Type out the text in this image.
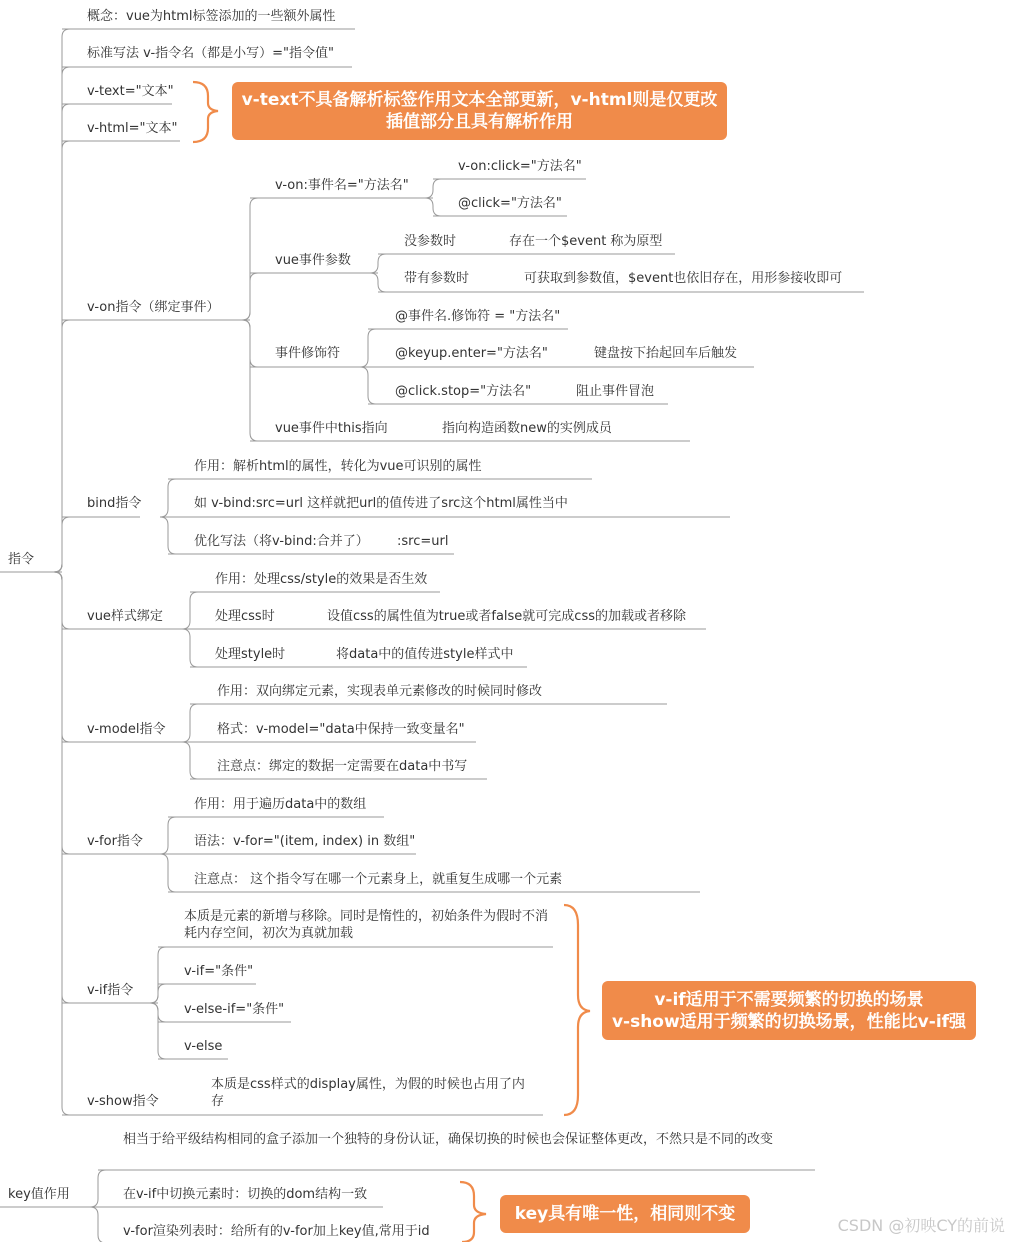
指令
key值作用
概念：vue为html标签添加的一些额外属性
标准写法 v-指令名（都是小写）="指令值"
v-text="文本"
v-html="文本"
v-on指令（绑定事件）
v-on:事件名="方法名"
v-on:click="方法名"
@click="方法名"
vue事件参数
没参数时	存在一个$event 称为原型
带有参数时	可获取到参数值，$event也依旧存在，用形参接收即可
事件修饰符
@事件名.修饰符 = "方法名"
@keyup.enter="方法名"	键盘按下抬起回车后触发
@click.stop="方法名"	阻止事件冒泡
vue事件中this指向	指向构造函数new的实例成员
bind指令
作用：解析html的属性，转化为vue可识别的属性
如 v-bind:src=url 这样就把url的值传进了src这个html属性当中
优化写法（将v-bind:合并了） :src=url
vue样式绑定
作用：处理css/style的效果是否生效
处理css时	设值css的属性值为true或者false就可完成css的加载或者移除
处理style时	将data中的值传进style样式中
v-model指令
作用：双向绑定元素，实现表单元素修改的时候同时修改
格式：v-model="data中保持一致变量名"
注意点：绑定的数据一定需要在data中书写
v-for指令
作用：用于遍历data中的数组
语法：v-for="(item, index) in 数组"
注意点： 这个指令写在哪一个元素身上，就重复生成哪一个元素
v-if指令
本质是元素的新增与移除。同时是惰性的，初始条件为假时不消耗内存空间，初次为真就加载
v-if="条件"
v-else-if="条件"
v-else
v-show指令
本质是css样式的display属性，为假的时候也占用了内存
相当于给平级结构相同的盒子添加一个独特的身份认证，确保切换的时候也会保证整体更改，不然只是不同的改变
在v-if中切换元素时：切换的dom结构一致
v-for渲染列表时：给所有的v-for加上key值,常用于id
v-text不具备解析标签作用文本全部更新，v-html则是仅更改
插值部分且具有解析作用
v-if适用于不需要频繁的切换的场景
v-show适用于频繁的切换场景，性能比v-if强
key具有唯一性，相同则不变
CSDN @初映CY的前说
